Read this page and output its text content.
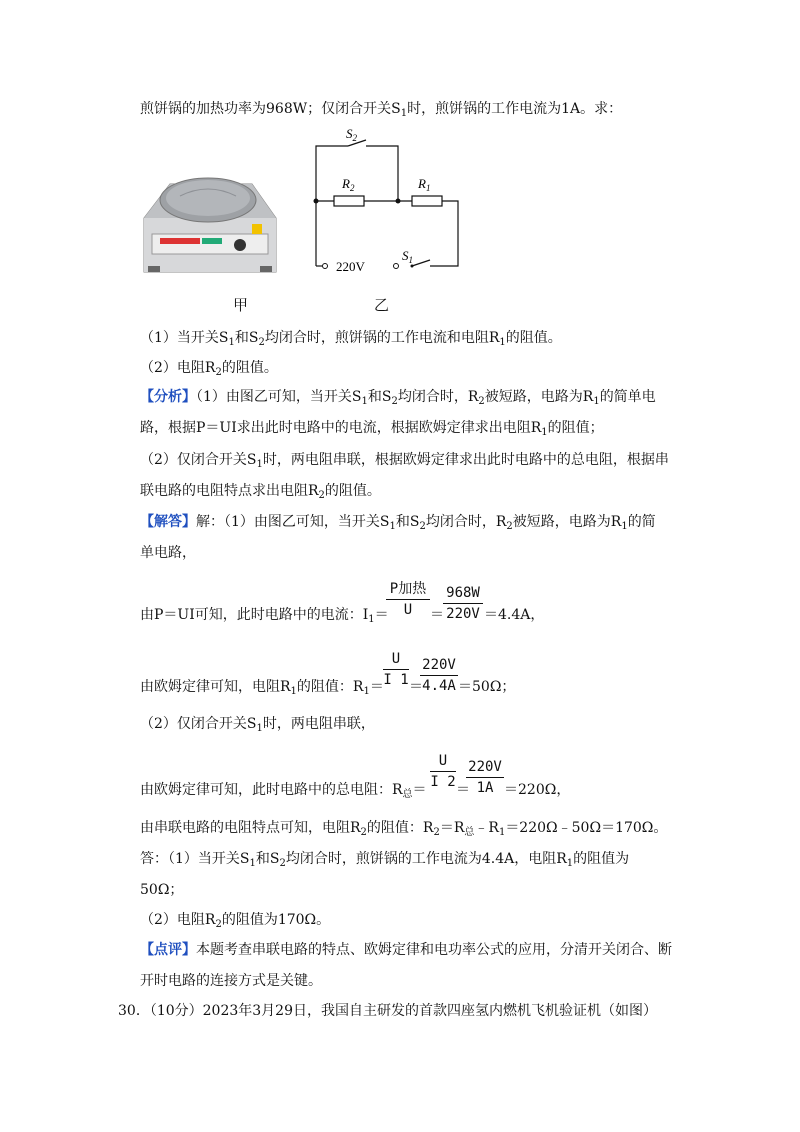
煎饼锅的加热功率为968W；仅闭合开关$S_1$时，煎饼锅的工作电流为1A。求：
$S_2$
$R_2$	$R_1$
220V
$S_1$
甲	乙
（1）当开关$S_1$和$S_2$均闭合时，煎饼锅的工作电流和电阻$R_1$的阻值。
（2）电阻$R_2$的阻值。
【分析】（1）由图乙可知，当开关$S_1$和$S_2$均闭合时，$R_2$被短路，电路为$R_1$的简单电
路，根据P＝UI求出此时电路中的电流，根据欧姆定律求出电阻$R_1$的阻值；
（2）仅闭合开关$S_1$时，两电阻串联，根据欧姆定律求出此时电路中的总电阻，根据串
联电路的电阻特点求出电阻$R_2$的阻值。
【解答】解：（1）由图乙可知，当开关$S_1$和$S_2$均闭合时，$R_2$被短路，电路为$R_1$的简
单电路，
由P＝UI可知，此时电路中的电流：$I_1=$
P加热
U	＝
968W
220V ＝4.4A，
由欧姆定律可知，电阻$R_1$的阻值：$R_1=$
U
I 1 ＝
220V
4.4A ＝50Ω；
（2）仅闭合开关$S_1$时，两电阻串联，
由欧姆定律可知，此时电路中的总电阻：$R_总=$
U
I 2 ＝
220V
1A ＝220Ω，
由串联电路的电阻特点可知，电阻$R_2$的阻值：$R_2=R_总﹣R_1=220\Omega﹣50\Omega=170\Omega$。
答：（1）当开关$S_1$和$S_2$均闭合时，煎饼锅的工作电流为4.4A，电阻$R_1$的阻值为
50Ω；
（2）电阻$R_2$的阻值为170Ω。
【点评】本题考查串联电路的特点、欧姆定律和电功率公式的应用，分清开关闭合、断
开时电路的连接方式是关键。
30．（10分）2023年3月29日，我国自主研发的首款四座氢内燃机飞机验证机（如图）
